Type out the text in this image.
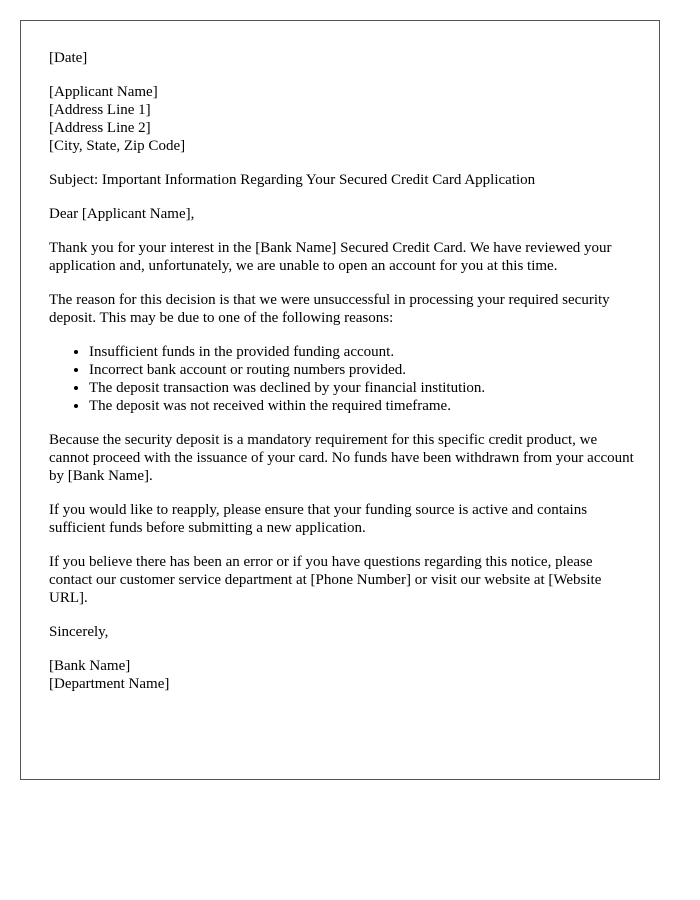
[Date]

[Applicant Name]
[Address Line 1]
[Address Line 2]
[City, State, Zip Code]

Subject: Important Information Regarding Your Secured Credit Card Application

Dear [Applicant Name],

Thank you for your interest in the [Bank Name] Secured Credit Card. We have reviewed your application and, unfortunately, we are unable to open an account for you at this time.

The reason for this decision is that we were unsuccessful in processing your required security deposit. This may be due to one of the following reasons:

• Insufficient funds in the provided funding account.
• Incorrect bank account or routing numbers provided.
• The deposit transaction was declined by your financial institution.
• The deposit was not received within the required timeframe.

Because the security deposit is a mandatory requirement for this specific credit product, we cannot proceed with the issuance of your card. No funds have been withdrawn from your account by [Bank Name].

If you would like to reapply, please ensure that your funding source is active and contains sufficient funds before submitting a new application.

If you believe there has been an error or if you have questions regarding this notice, please contact our customer service department at [Phone Number] or visit our website at [Website URL].

Sincerely,

[Bank Name]
[Department Name]
